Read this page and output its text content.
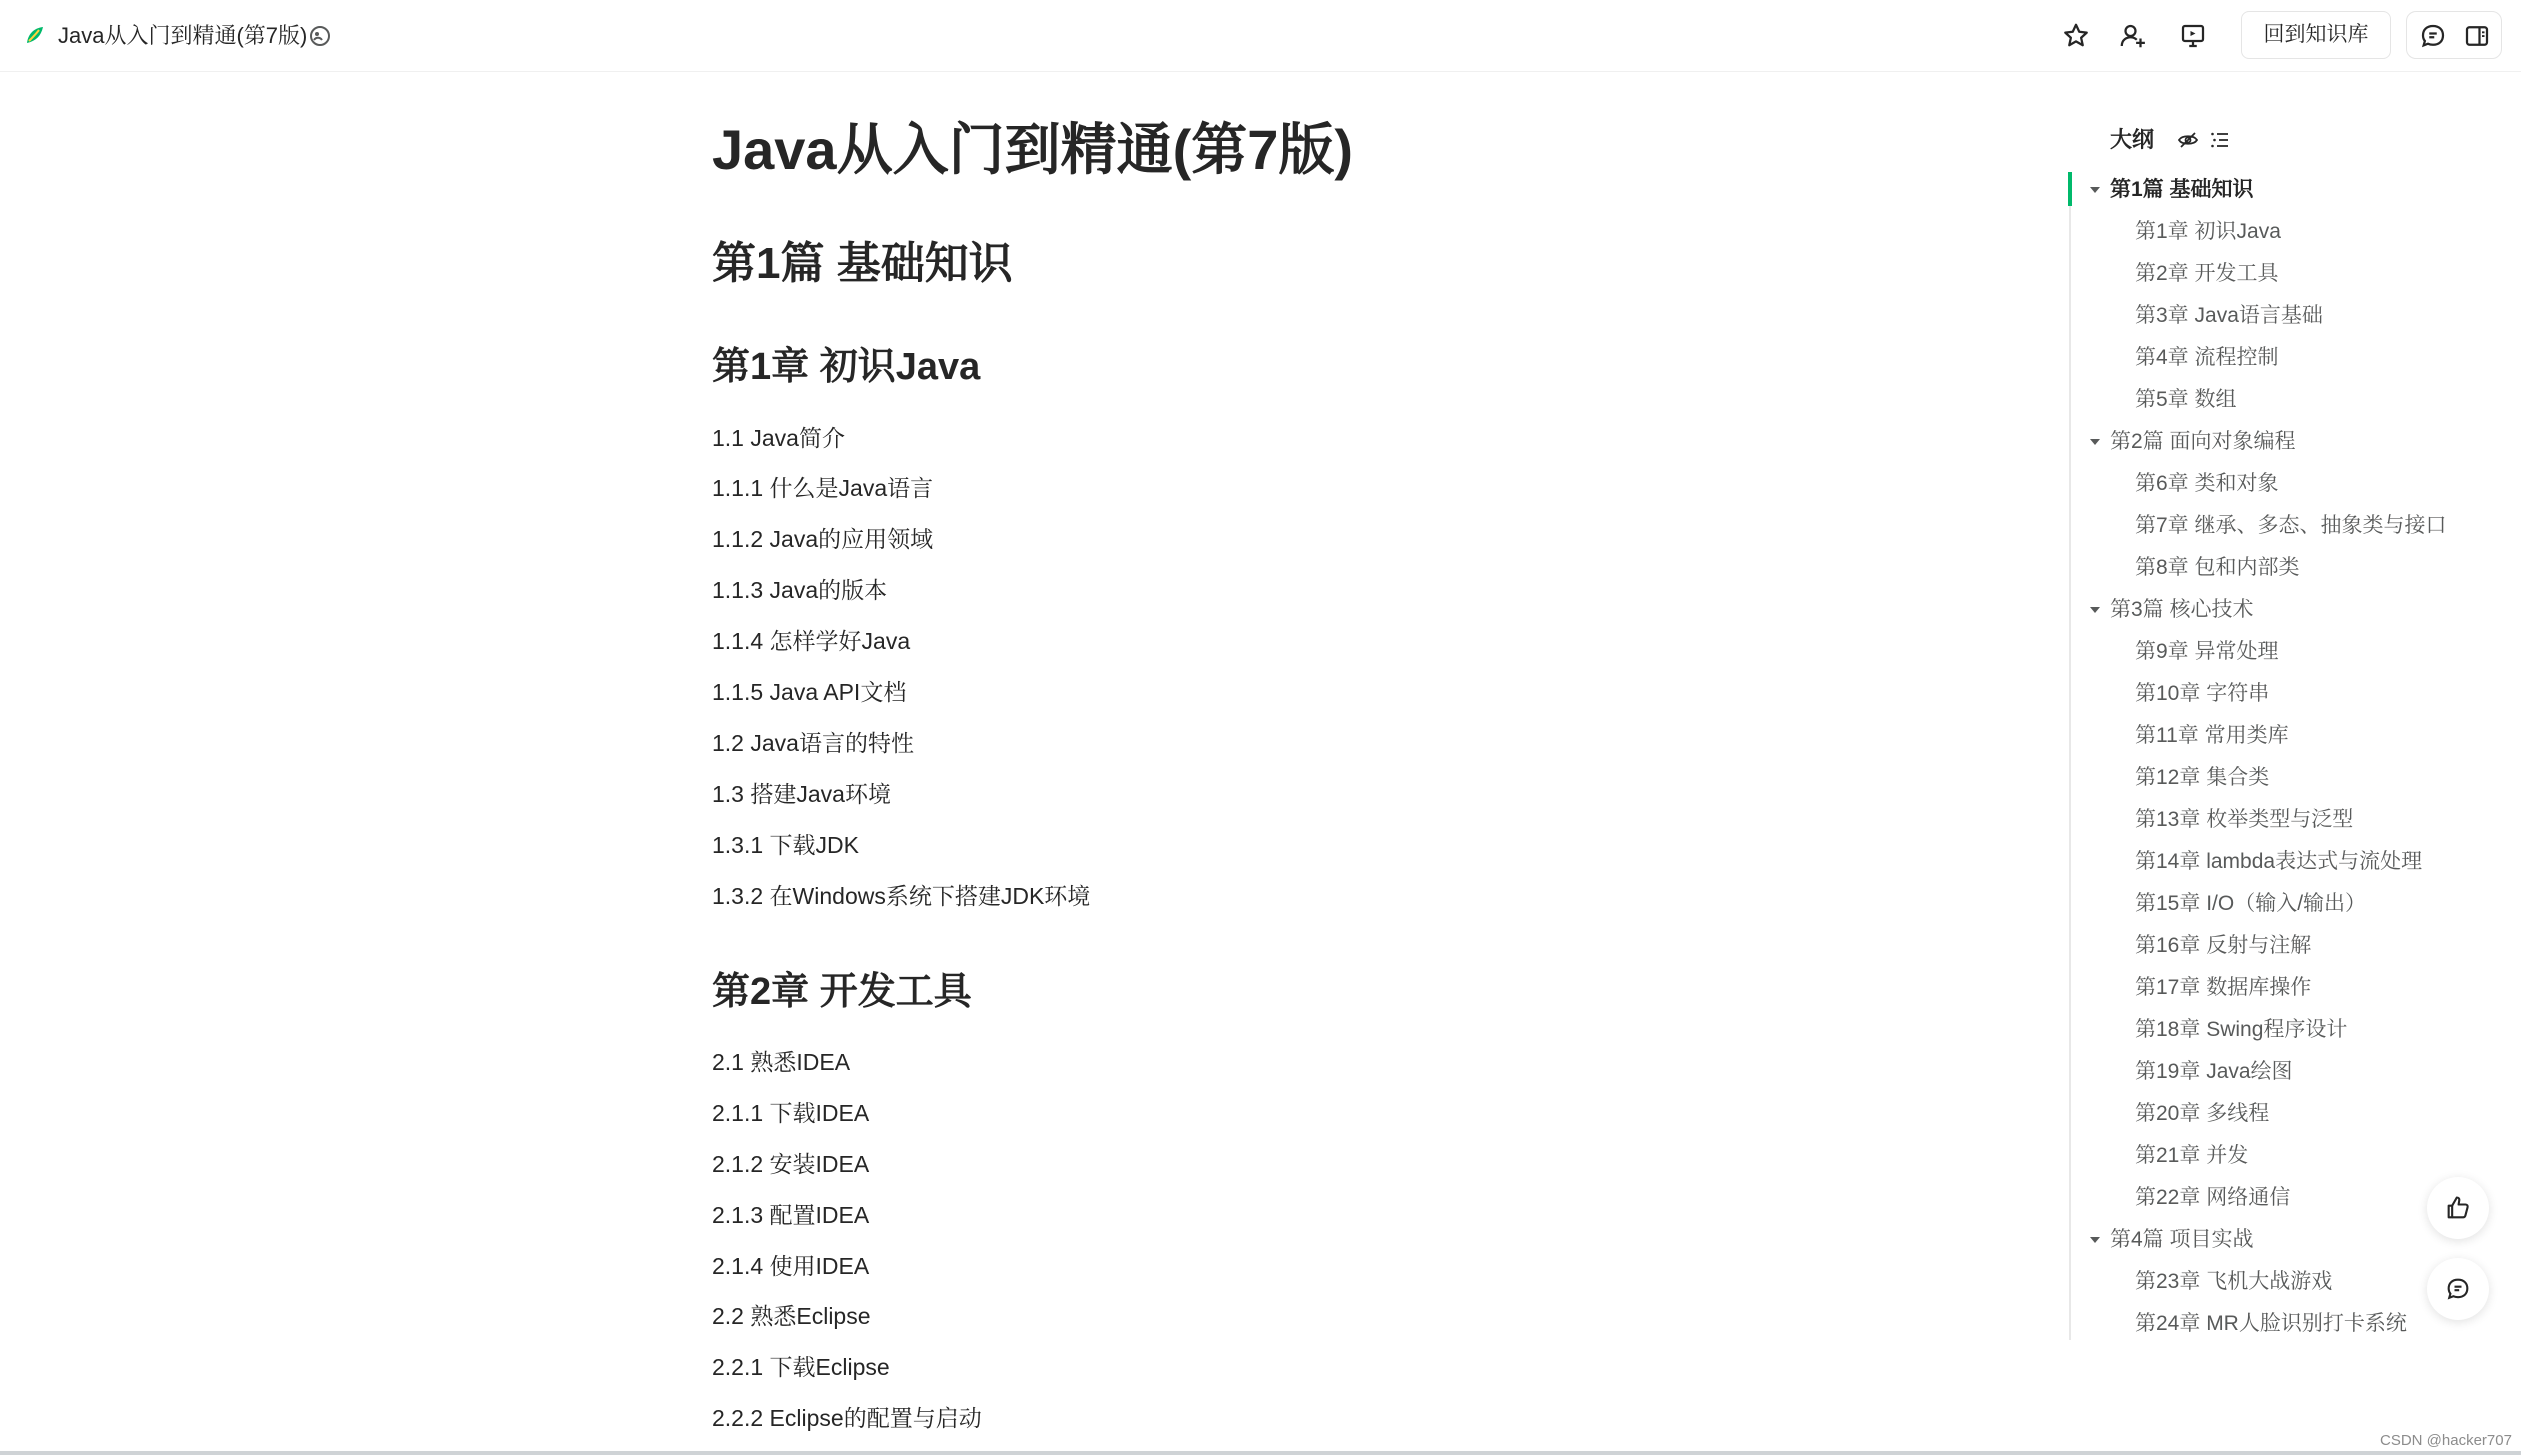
Java从入门到精通(第7版)	回到知识库
Java从入门到精通(第7版)
第1篇 基础知识
第1章 初识Java
1.1 Java简介
1.1.1 什么是Java语言
1.1.2 Java的应用领域
1.1.3 Java的版本
1.1.4 怎样学好Java
1.1.5 Java API文档
1.2 Java语言的特性
1.3 搭建Java环境
1.3.1 下载JDK
1.3.2 在Windows系统下搭建JDK环境
第2章 开发工具
2.1 熟悉IDEA
2.1.1 下载IDEA
2.1.2 安装IDEA
2.1.3 配置IDEA
2.1.4 使用IDEA
2.2 熟悉Eclipse
2.2.1 下载Eclipse
2.2.2 Eclipse的配置与启动
大纲
第1篇 基础知识
第1章 初识Java
第2章 开发工具
第3章 Java语言基础
第4章 流程控制
第5章 数组
第2篇 面向对象编程
第6章 类和对象
第7章 继承、多态、抽象类与接口
第8章 包和内部类
第3篇 核心技术
第9章 异常处理
第10章 字符串
第11章 常用类库
第12章 集合类
第13章 枚举类型与泛型
第14章 lambda表达式与流处理
第15章 I/O（输入/输出）
第16章 反射与注解
第17章 数据库操作
第18章 Swing程序设计
第19章 Java绘图
第20章 多线程
第21章 并发
第22章 网络通信
第4篇 项目实战
第23章 飞机大战游戏
第24章 MR人脸识别打卡系统
CSDN @hacker707
